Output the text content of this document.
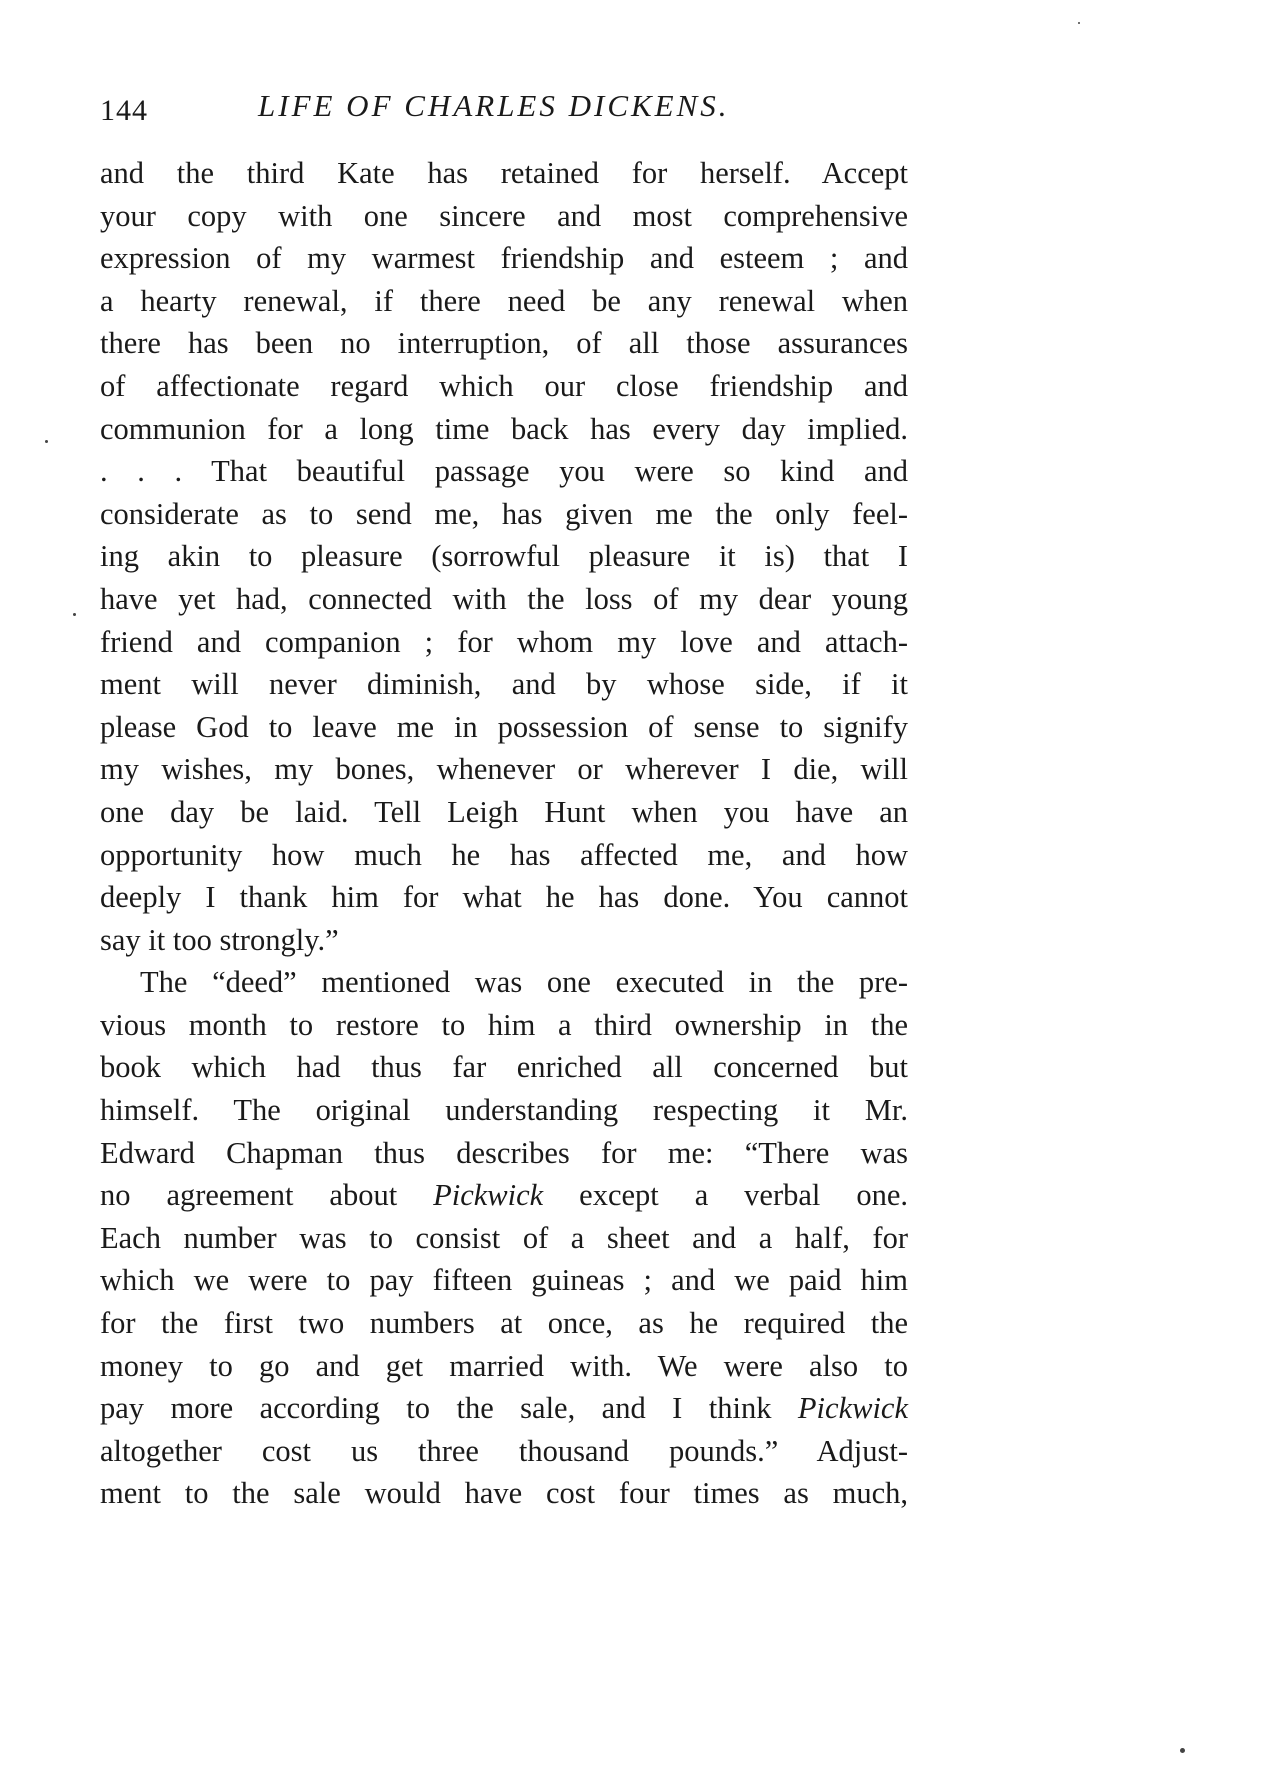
144	LIFE OF CHARLES DICKENS.
and the third Kate has retained for herself. Accept
your copy with one sincere and most comprehensive
expression of my warmest friendship and esteem ; and
a hearty renewal, if there need be any renewal when
there has been no interruption, of all those assurances
of affectionate regard which our close friendship and
communion for a long time back has every day implied.
. . . That beautiful passage you were so kind and
considerate as to send me, has given me the only feel-
ing akin to pleasure (sorrowful pleasure it is) that I
have yet had, connected with the loss of my dear young
friend and companion ; for whom my love and attach-
ment will never diminish, and by whose side, if it
please God to leave me in possession of sense to signify
my wishes, my bones, whenever or wherever I die, will
one day be laid. Tell Leigh Hunt when you have an
opportunity how much he has affected me, and how
deeply I thank him for what he has done. You cannot
say it too strongly.”
The “deed” mentioned was one executed in the pre-
vious month to restore to him a third ownership in the
book which had thus far enriched all concerned but
himself. The original understanding respecting it Mr.
Edward Chapman thus describes for me: “There was
no agreement about Pickwick except a verbal one.
Each number was to consist of a sheet and a half, for
which we were to pay fifteen guineas ; and we paid him
for the first two numbers at once, as he required the
money to go and get married with. We were also to
pay more according to the sale, and I think Pickwick
altogether cost us three thousand pounds.” Adjust-
ment to the sale would have cost four times as much,
